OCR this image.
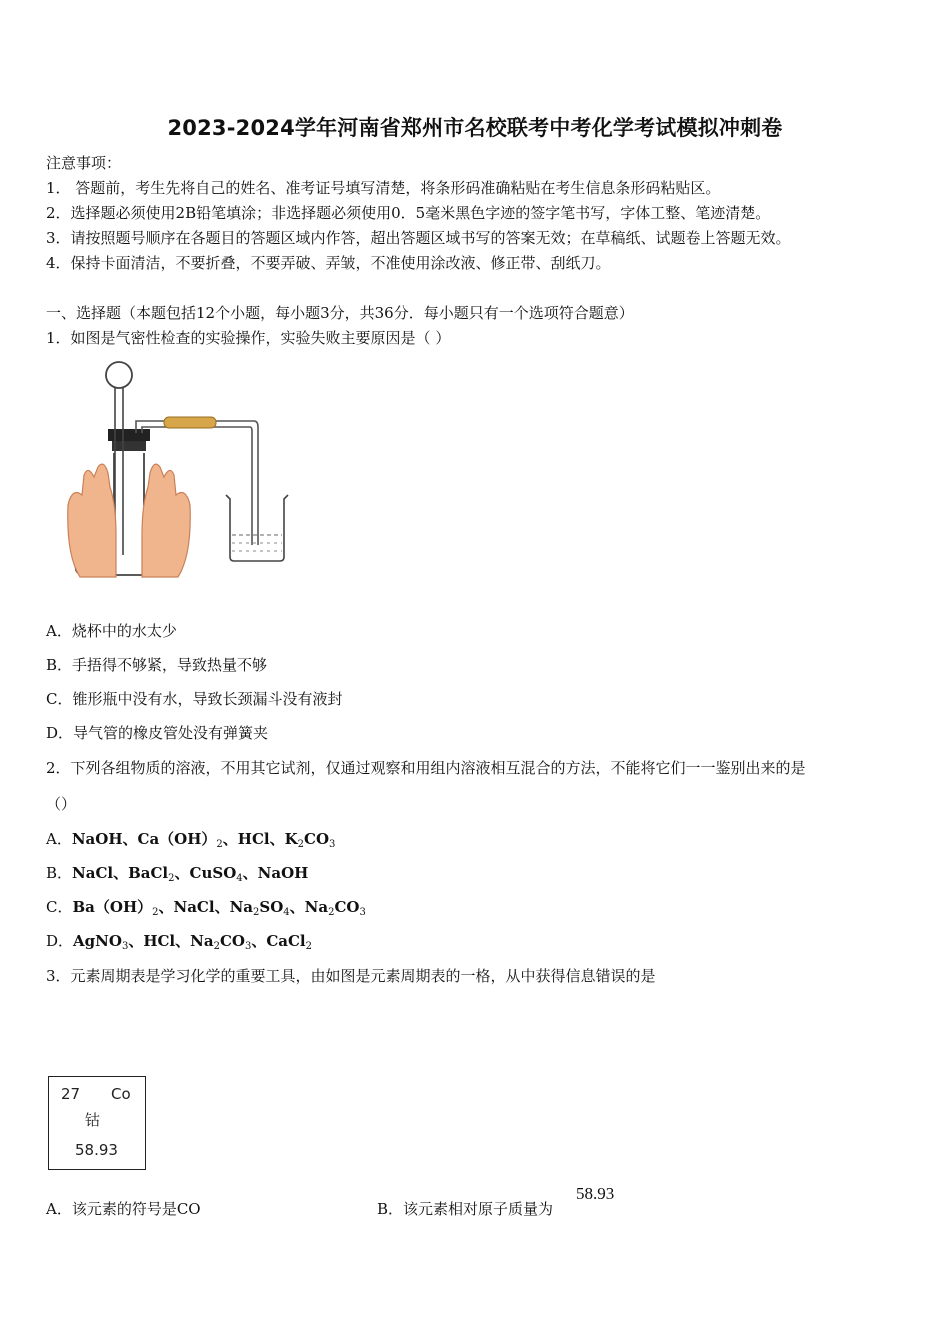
2023-2024学年河南省郑州市名校联考中考化学考试模拟冲刺卷
注意事项：
1． 答题前，考生先将自己的姓名、准考证号填写清楚，将条形码准确粘贴在考生信息条形码粘贴区。
2．选择题必须使用2B铅笔填涂；非选择题必须使用0．5毫米黑色字迹的签字笔书写，字体工整、笔迹清楚。
3．请按照题号顺序在各题目的答题区域内作答，超出答题区域书写的答案无效；在草稿纸、试题卷上答题无效。
4．保持卡面清洁，不要折叠，不要弄破、弄皱，不准使用涂改液、修正带、刮纸刀。
一、选择题（本题包括12个小题，每小题3分，共36分．每小题只有一个选项符合题意）
1．如图是气密性检查的实验操作，实验失败主要原因是（ ）
A．烧杯中的水太少
B．手捂得不够紧，导致热量不够
C．锥形瓶中没有水，导致长颈漏斗没有液封
D．导气管的橡皮管处没有弹簧夹
2．下列各组物质的溶液，不用其它试剂，仅通过观察和用组内溶液相互混合的方法，不能将它们一一鉴别出来的是
（）
A．NaOH、$Ca(OH)_2$、HCl、$K_2CO_3$
B．NaCl、BaCl$_2$、CuSO$_4$、NaOH
C．$Ba(OH)_2$、NaCl、$Na_2SO_4$、$Na_2CO_3$
D．AgNO$_3$、HCl、$Na_2CO_3$、CaCl$_2$
3．元素周期表是学习化学的重要工具，由如图是元素周期表的一格，从中获得信息错误的是
27 Co
钴
58.93
A．该元素的符号是CO	B．该元素相对原子质量为
58.93
